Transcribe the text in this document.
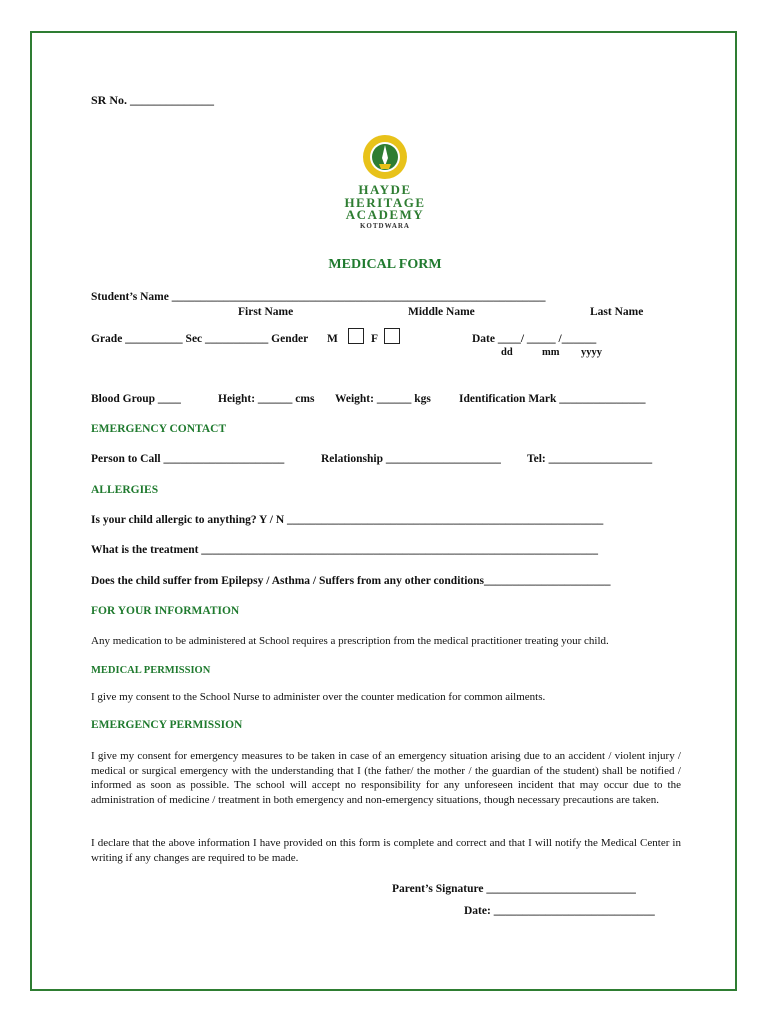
SR No. ______________
HAYDE
HERITAGE
ACADEMY
KOTDWARA
MEDICAL FORM
Student’s Name _________________________________________________________________
First Name	Middle Name	Last Name
Grade __________ Sec ___________ Gender M	F	Date ____/ _____ /______
dd	mm yyyy
Blood Group ____	Height: ______ cms Weight: ______ kgs Identification Mark _______________
EMERGENCY CONTACT
Person to Call _____________________	Relationship ____________________ Tel: __________________
ALLERGIES
Is your child allergic to anything? Y / N _______________________________________________________
What is the treatment _____________________________________________________________________
Does the child suffer from Epilepsy / Asthma / Suffers from any other conditions______________________
FOR YOUR INFORMATION
Any medication to be administered at School requires a prescription from the medical practitioner treating your child.
MEDICAL PERMISSION
I give my consent to the School Nurse to administer over the counter medication for common ailments.
EMERGENCY PERMISSION
I give my consent for emergency measures to be taken in case of an emergency situation arising due to an accident / violent injury / medical or surgical emergency with the understanding that I (the father/ the mother / the guardian of the student) shall be notified / informed as soon as possible. The school will accept no responsibility for any unforeseen incident that may occur due to the administration of medicine / treatment in both emergency and non-emergency situations, though necessary precautions are taken.
I declare that the above information I have provided on this form is complete and correct and that I will notify the Medical Center in writing if any changes are required to be made.
Parent’s Signature __________________________
Date: ____________________________
